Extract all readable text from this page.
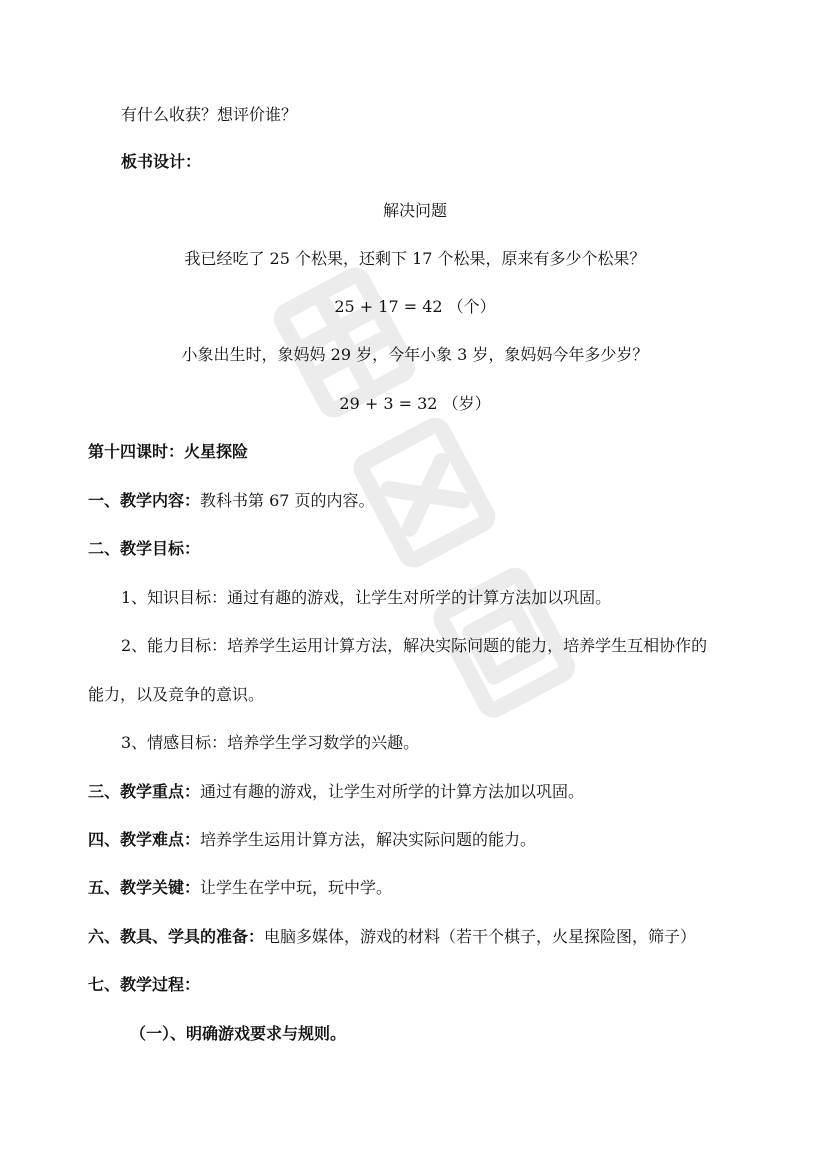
有什么收获？想评价谁？
板书设计：
解决问题
我已经吃了 25 个松果，还剩下 17 个松果，原来有多少个松果？
25 + 17 = 42 （个）
小象出生时，象妈妈 29 岁，今年小象 3 岁，象妈妈今年多少岁？
29 + 3 = 32 （岁）
第十四课时：火星探险
一、教学内容：教科书第 67 页的内容。
二、教学目标：
1、知识目标：通过有趣的游戏，让学生对所学的计算方法加以巩固。
2、能力目标：培养学生运用计算方法，解决实际问题的能力，培养学生互相协作的
能力，以及竞争的意识。
3、情感目标：培养学生学习数学的兴趣。
三、教学重点：通过有趣的游戏，让学生对所学的计算方法加以巩固。
四、教学难点：培养学生运用计算方法，解决实际问题的能力。
五、教学关键：让学生在学中玩，玩中学。
六、教具、学具的准备：电脑多媒体，游戏的材料（若干个棋子，火星探险图，筛子）
七、教学过程：
（一）、明确游戏要求与规则。
